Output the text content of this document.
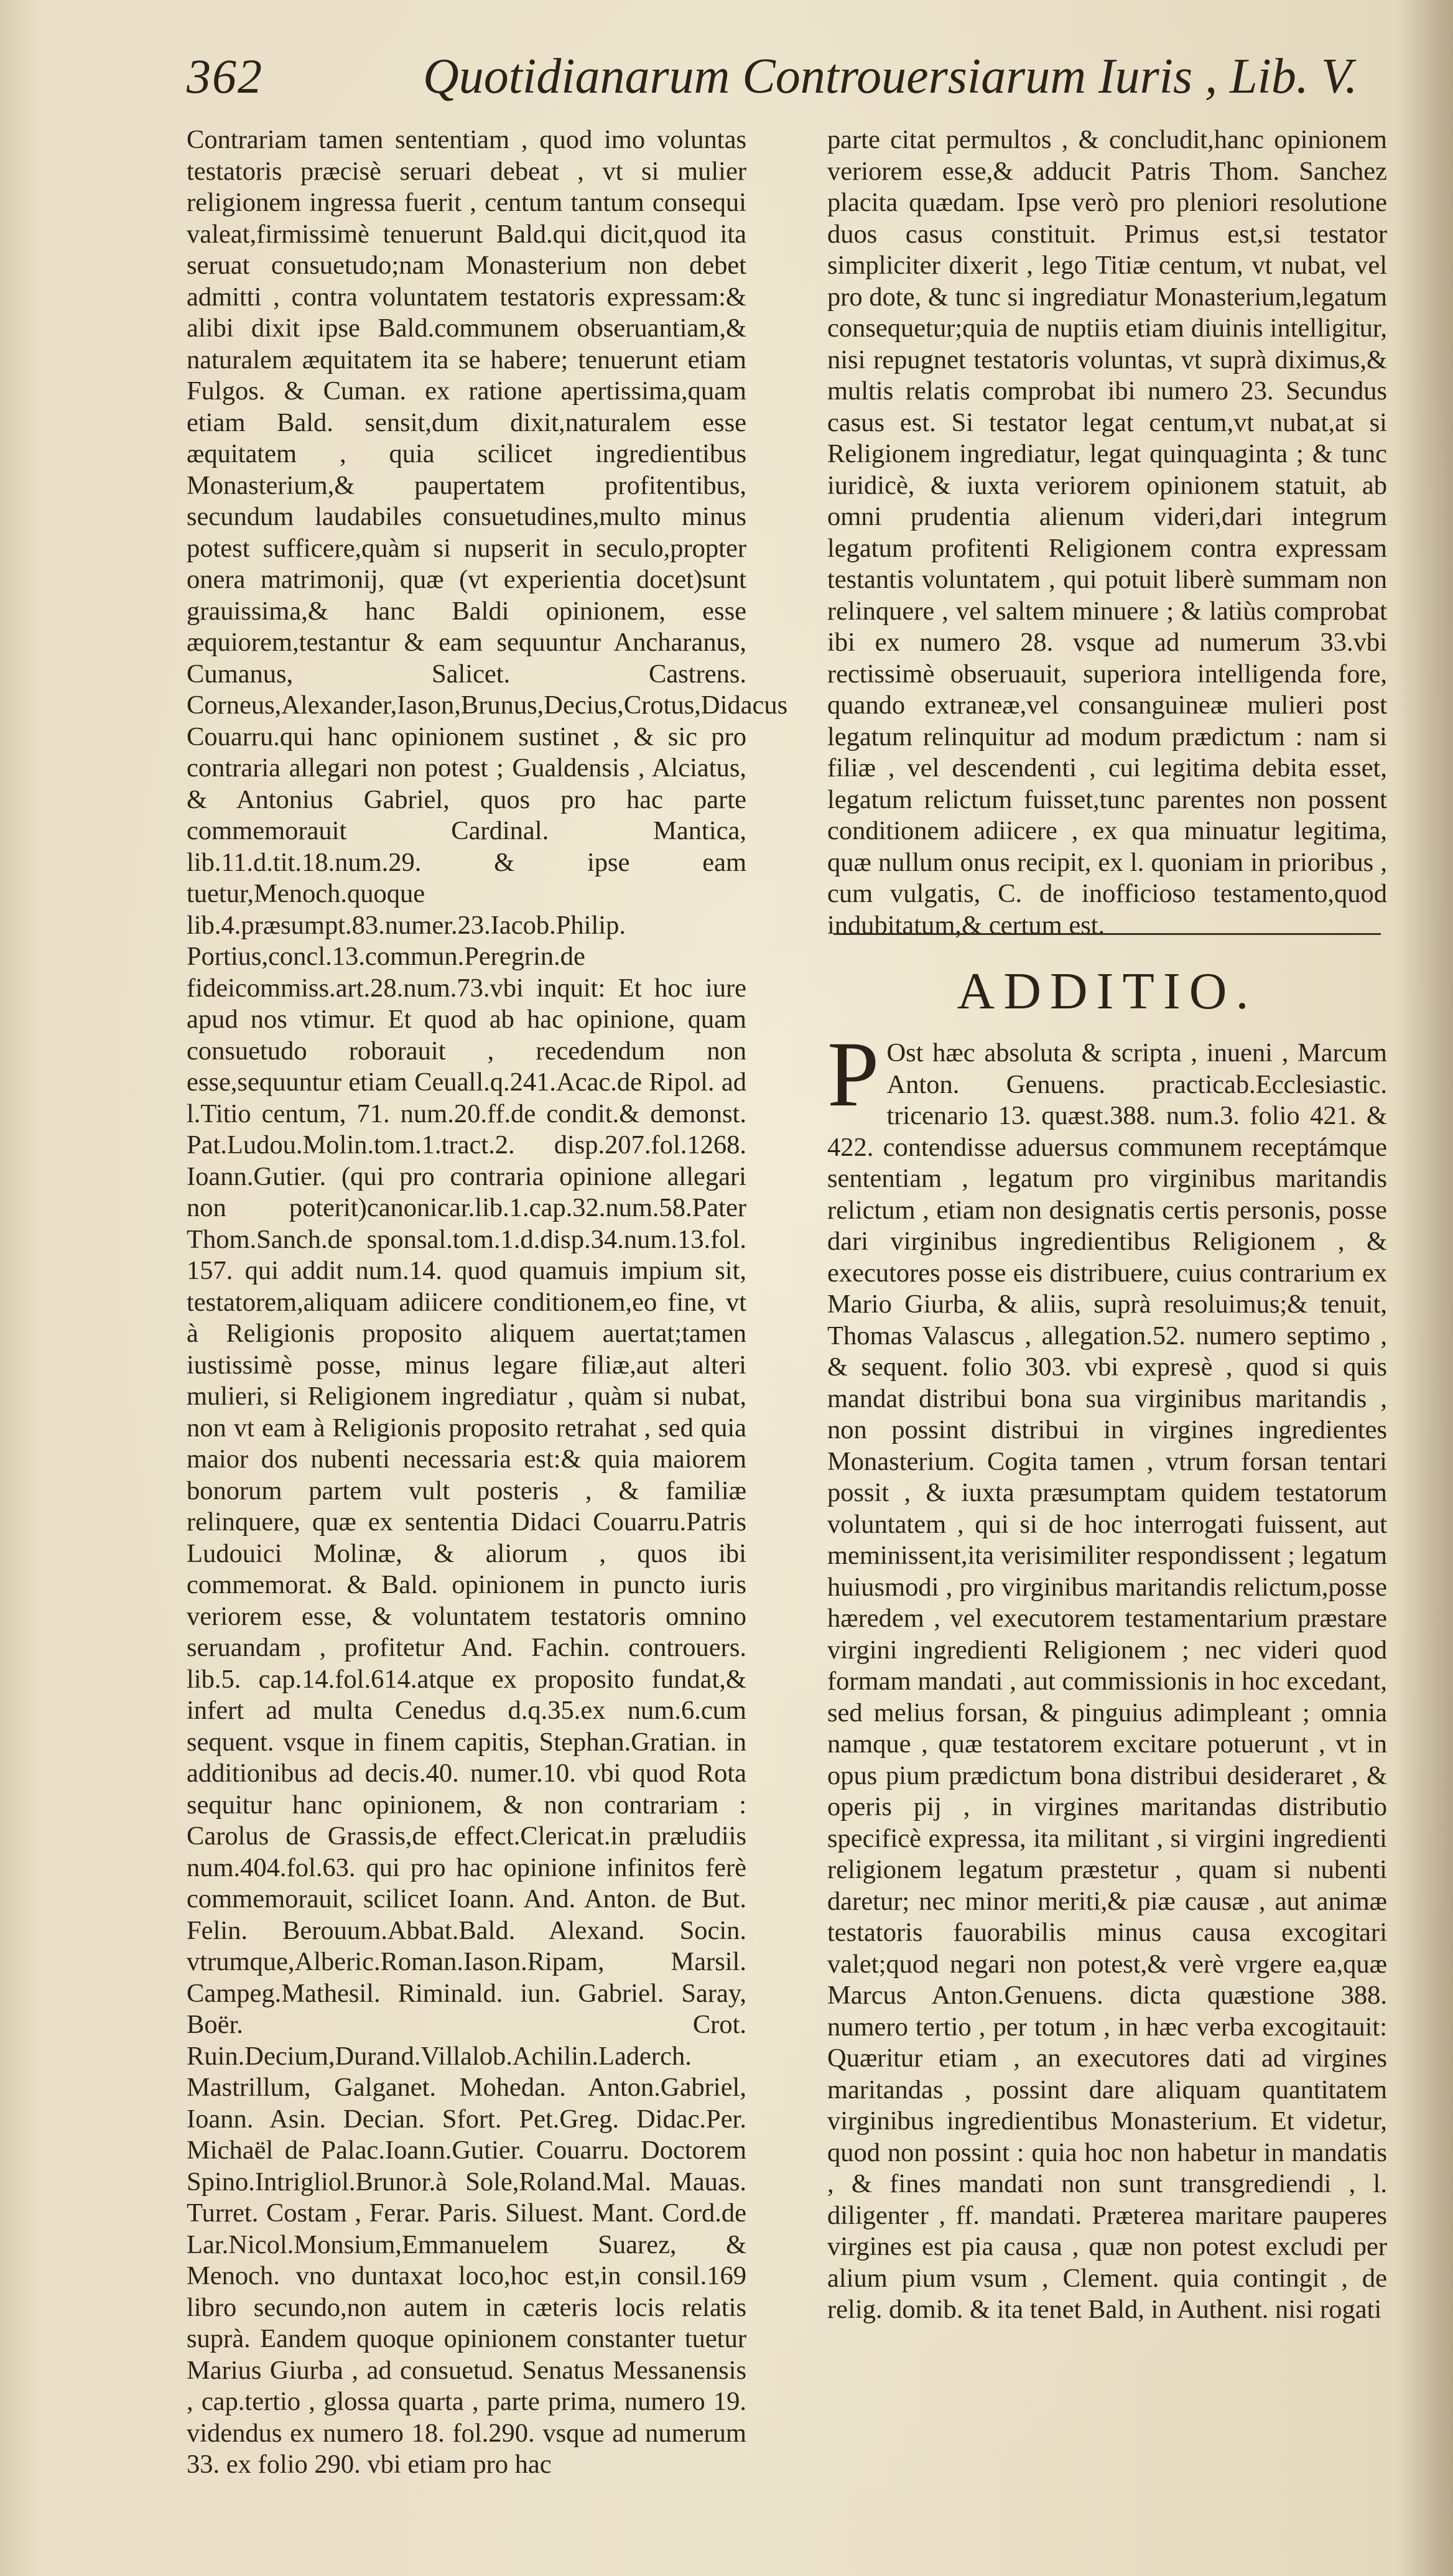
362	Quotidianarum Controuersiarum Iuris , Lib. V.

Contrariam tamen sententiam , quod imo voluntas testatoris præcisè seruari debeat , vt si mulier religionem ingressa fuerit , centum tantum consequi valeat,firmissimè tenuerunt Bald.qui dicit,quod ita seruat consuetudo;nam Monasterium non debet admitti , contra voluntatem testatoris expressam:& alibi dixit ipse Bald.communem obseruantiam,& naturalem æquitatem ita se habere; tenuerunt etiam Fulgos. & Cuman. ex ratione apertissima,quam etiam Bald. sensit,dum dixit,naturalem esse æquitatem , quia scilicet ingredientibus Monasterium,& paupertatem profitentibus, secundum laudabiles consuetudines,multo minus potest sufficere,quàm si nupserit in seculo,propter onera matrimonij, quæ (vt experientia docet)sunt grauissima,& hanc Baldi opinionem, esse æquiorem,testantur & eam sequuntur Ancharanus, Cumanus, Salicet. Castrens. Corneus,Alexander,Iason,Brunus,Decius,Crotus,Didacus Couarru.qui hanc opinionem sustinet , & sic pro contraria allegari non potest ; Gualdensis , Alciatus, & Antonius Gabriel, quos pro hac parte commemorauit Cardinal. Mantica, lib.11.d.tit.18.num.29. & ipse eam tuetur,Menoch.quoque lib.4.præsumpt.83.numer.23.Iacob.Philip. Portius,concl.13.commun.Peregrin.de fideicommiss.art.28.num.73.vbi inquit: Et hoc iure apud nos vtimur. Et quod ab hac opinione, quam consuetudo roborauit , recedendum non esse,sequuntur etiam Ceuall.q.241.Acac.de Ripol. ad l.Titio centum, 71. num.20.ff.de condit.& demonst. Pat.Ludou.Molin.tom.1.tract.2. disp.207.fol.1268. Ioann.Gutier. (qui pro contraria opinione allegari non poterit)canonicar.lib.1.cap.32.num.58.Pater Thom.Sanch.de sponsal.tom.1.d.disp.34.num.13.fol. 157. qui addit num.14. quod quamuis impium sit, testatorem,aliquam adiicere conditionem,eo fine, vt à Religionis proposito aliquem auertat;tamen iustissimè posse, minus legare filiæ,aut alteri mulieri, si Religionem ingrediatur , quàm si nubat, non vt eam à Religionis proposito retrahat , sed quia maior dos nubenti necessaria est:& quia maiorem bonorum partem vult posteris , & familiæ relinquere, quæ ex sententia Didaci Couarru.Patris Ludouici Molinæ, & aliorum , quos ibi commemorat. & Bald. opinionem in puncto iuris veriorem esse, & voluntatem testatoris omnino seruandam , profitetur And. Fachin. controuers. lib.5. cap.14.fol.614.atque ex proposito fundat,& infert ad multa Cenedus d.q.35.ex num.6.cum sequent. vsque in finem capitis, Stephan.Gratian. in additionibus ad decis.40. numer.10. vbi quod Rota sequitur hanc opinionem, & non contrariam : Carolus de Grassis,de effect.Clericat.in præludiis num.404.fol.63. qui pro hac opinione infinitos ferè commemorauit, scilicet Ioann. And. Anton. de But. Felin. Berouum.Abbat.Bald. Alexand. Socin. vtrumque,Alberic.Roman.Iason.Ripam, Marsil. Campeg.Mathesil. Riminald. iun. Gabriel. Saray, Boër. Crot. Ruin.Decium,Durand.Villalob.Achilin.Laderch. Mastrillum, Galganet. Mohedan. Anton.Gabriel, Ioann. Asin. Decian. Sfort. Pet.Greg. Didac.Per. Michaël de Palac.Ioann.Gutier. Couarru. Doctorem Spino.Intrigliol.Brunor.à Sole,Roland.Mal. Mauas. Turret. Costam , Ferar. Paris. Siluest. Mant. Cord.de Lar.Nicol.Monsium,Emmanuelem Suarez, & Menoch. vno duntaxat loco,hoc est,in consil.169 libro secundo,non autem in cæteris locis relatis suprà. Eandem quoque opinionem constanter tuetur Marius Giurba , ad consuetud. Senatus Messanensis , cap.tertio , glossa quarta , parte prima, numero 19. videndus ex numero 18. fol.290. vsque ad numerum 33. ex folio 290. vbi etiam pro hac

parte citat permultos , & concludit,hanc opinionem veriorem esse,& adducit Patris Thom. Sanchez placita quædam. Ipse verò pro pleniori resolutione duos casus constituit. Primus est,si testator simpliciter dixerit , lego Titiæ centum, vt nubat, vel pro dote, & tunc si ingrediatur Monasterium,legatum consequetur;quia de nuptiis etiam diuinis intelligitur, nisi repugnet testatoris voluntas, vt suprà diximus,& multis relatis comprobat ibi numero 23. Secundus casus est. Si testator legat centum,vt nubat,at si Religionem ingrediatur, legat quinquaginta ; & tunc iuridicè, & iuxta veriorem opinionem statuit, ab omni prudentia alienum videri,dari integrum legatum profitenti Religionem contra expressam testantis voluntatem , qui potuit liberè summam non relinquere , vel saltem minuere ; & latiùs comprobat ibi ex numero 28. vsque ad numerum 33.vbi rectissimè obseruauit, superiora intelligenda fore, quando extraneæ,vel consanguineæ mulieri post legatum relinquitur ad modum prædictum : nam si filiæ , vel descendenti , cui legitima debita esset, legatum relictum fuisset,tunc parentes non possent conditionem adiicere , ex qua minuatur legitima, quæ nullum onus recipit, ex l. quoniam in prioribus , cum vulgatis, C. de inofficioso testamento,quod indubitatum,& certum est.

ADDITIO.

P Ost hæc absoluta & scripta , inueni , Marcum Anton. Genuens. practicab.Ecclesiastic. tricenario 13. quæst.388. num.3. folio 421. & 422. contendisse aduersus communem receptámque sententiam , legatum pro virginibus maritandis relictum , etiam non designatis certis personis, posse dari virginibus ingredientibus Religionem , & executores posse eis distribuere, cuius contrarium ex Mario Giurba, & aliis, suprà resoluimus;& tenuit, Thomas Valascus , allegation.52. numero septimo , & sequent. folio 303. vbi expresè , quod si quis mandat distribui bona sua virginibus maritandis , non possint distribui in virgines ingredientes Monasterium. Cogita tamen , vtrum forsan tentari possit , & iuxta præsumptam quidem testatorum voluntatem , qui si de hoc interrogati fuissent, aut meminissent,ita verisimiliter respondissent ; legatum huiusmodi , pro virginibus maritandis relictum,posse hæredem , vel executorem testamentarium præstare virgini ingredienti Religionem ; nec videri quod formam mandati , aut commissionis in hoc excedant, sed melius forsan, & pinguius adimpleant ; omnia namque , quæ testatorem excitare potuerunt , vt in opus pium prædictum bona distribui desideraret , & operis pij , in virgines maritandas distributio specificè expressa, ita militant , si virgini ingredienti religionem legatum præstetur , quam si nubenti daretur; nec minor meriti,& piæ causæ , aut animæ testatoris fauorabilis minus causa excogitari valet;quod negari non potest,& verè vrgere ea,quæ Marcus Anton.Genuens. dicta quæstione 388. numero tertio , per totum , in hæc verba excogitauit: Quæritur etiam , an executores dati ad virgines maritandas , possint dare aliquam quantitatem virginibus ingredientibus Monasterium. Et videtur, quod non possint : quia hoc non habetur in mandatis , & fines mandati non sunt transgrediendi , l. diligenter , ff. mandati. Præterea maritare pauperes virgines est pia causa , quæ non potest excludi per alium pium vsum , Clement. quia contingit , de relig. domib. & ita tenet Bald, in Authent. nisi rogati
